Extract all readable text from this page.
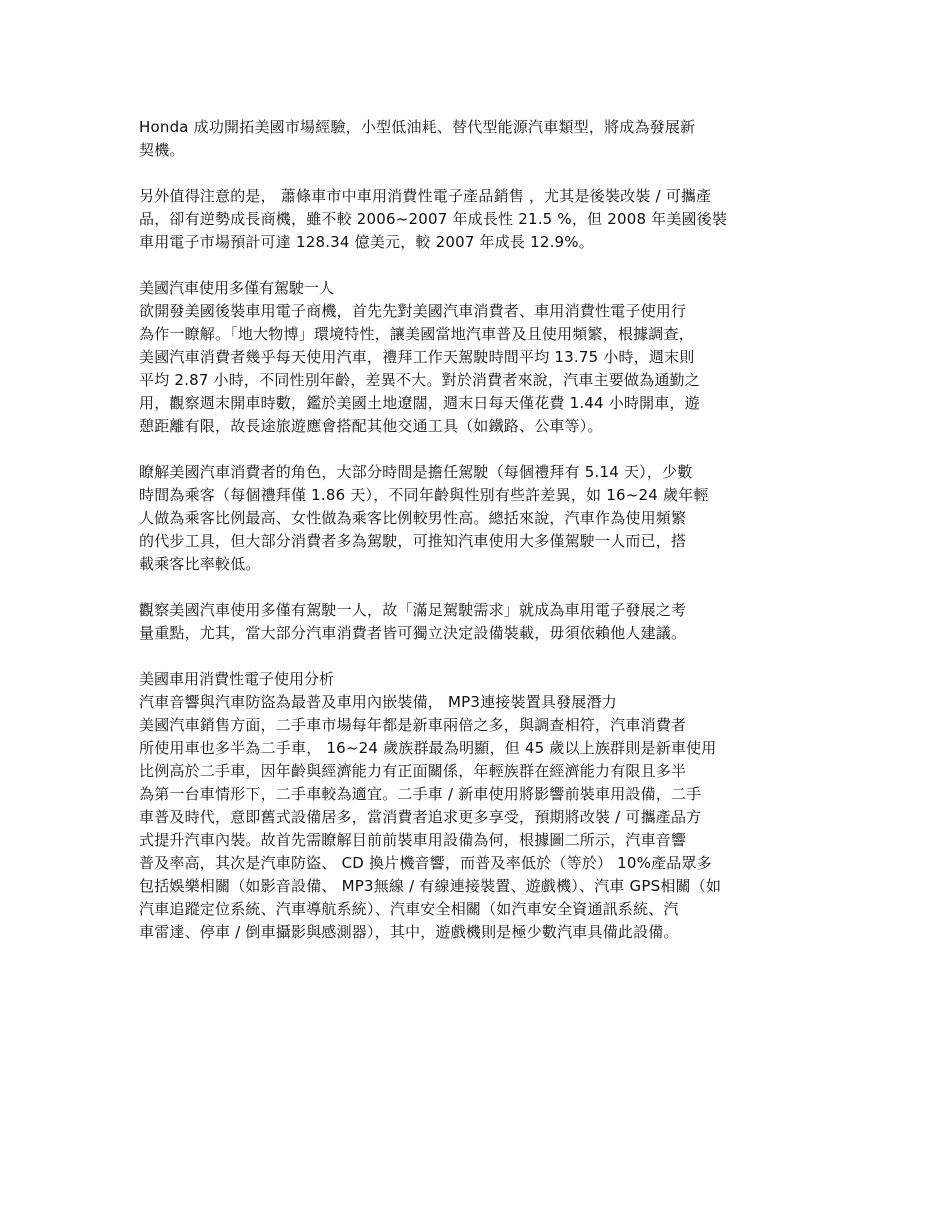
Honda 成功開拓美國市場經驗，小型低油耗、替代型能源汽車類型，將成為發展新
契機。
另外值得注意的是， 蕭條車市中車用消費性電子產品銷售 ，尤其是後裝改裝 / 可攜產
品，卻有逆勢成長商機，雖不較 2006~2007 年成長性 21.5 %，但 2008 年美國後裝
車用電子市場預計可達 128.34 億美元，較 2007 年成長 12.9%。
美國汽車使用多僅有駕駛一人
欲開發美國後裝車用電子商機，首先先對美國汽車消費者、車用消費性電子使用行
為作一瞭解。「地大物博」環境特性，讓美國當地汽車普及且使用頻繁，根據調查，
美國汽車消費者幾乎每天使用汽車，禮拜工作天駕駛時間平均 13.75 小時，週末則
平均 2.87 小時，不同性別年齡，差異不大。對於消費者來說，汽車主要做為通勤之
用，觀察週末開車時數，鑑於美國土地遼闊，週末日每天僅花費 1.44 小時開車，遊
憩距離有限，故長途旅遊應會搭配其他交通工具（如鐵路、公車等）。
瞭解美國汽車消費者的角色，大部分時間是擔任駕駛（每個禮拜有 5.14 天），少數
時間為乘客（每個禮拜僅 1.86 天），不同年齡與性別有些許差異，如 16~24 歲年輕
人做為乘客比例最高、女性做為乘客比例較男性高。總括來說，汽車作為使用頻繁
的代步工具，但大部分消費者多為駕駛，可推知汽車使用大多僅駕駛一人而已，搭
載乘客比率較低。
觀察美國汽車使用多僅有駕駛一人，故「滿足駕駛需求」就成為車用電子發展之考
量重點，尤其，當大部分汽車消費者皆可獨立決定設備裝載，毋須依賴他人建議。
美國車用消費性電子使用分析
汽車音響與汽車防盜為最普及車用內嵌裝備， MP3連接裝置具發展潛力
美國汽車銷售方面，二手車市場每年都是新車兩倍之多，與調查相符，汽車消費者
所使用車也多半為二手車， 16~24 歲族群最為明顯，但 45 歲以上族群則是新車使用
比例高於二手車，因年齡與經濟能力有正面關係，年輕族群在經濟能力有限且多半
為第一台車情形下，二手車較為適宜。二手車 / 新車使用將影響前裝車用設備，二手
車普及時代，意即舊式設備居多，當消費者追求更多享受，預期將改裝 / 可攜產品方
式提升汽車內裝。故首先需瞭解目前前裝車用設備為何，根據圖二所示，汽車音響
普及率高，其次是汽車防盜、 CD 換片機音響，而普及率低於（等於） 10%產品眾多
包括娛樂相關（如影音設備、 MP3無線 / 有線連接裝置、遊戲機）、汽車 GPS相關（如
汽車追蹤定位系統、汽車導航系統）、汽車安全相關（如汽車安全資通訊系統、汽
車雷達、停車 / 倒車攝影與感測器），其中，遊戲機則是極少數汽車具備此設備。
